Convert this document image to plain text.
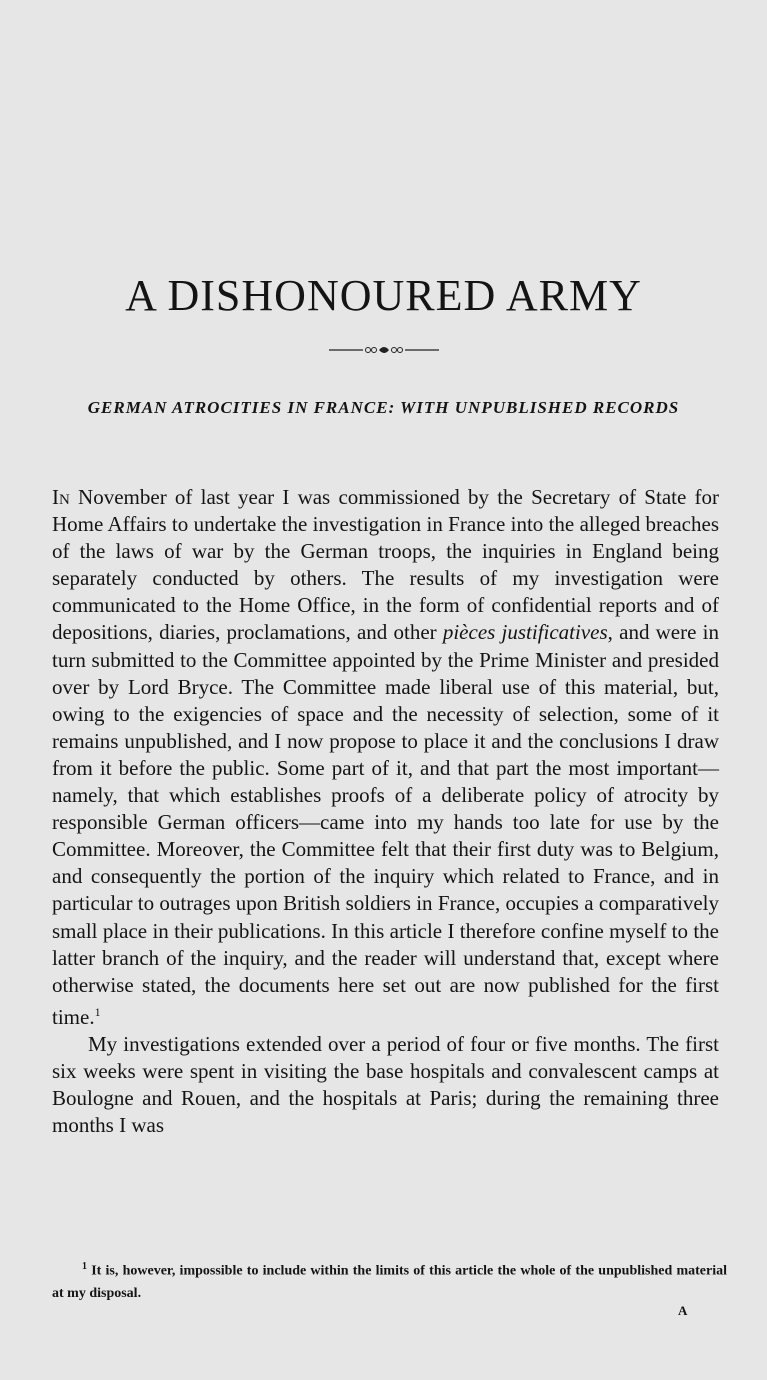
A DISHONOURED ARMY
GERMAN ATROCITIES IN FRANCE: WITH UNPUBLISHED RECORDS

In November of last year I was commissioned by the Secretary of State for Home Affairs to undertake the investigation in France into the alleged breaches of the laws of war by the German troops, the inquiries in England being separately conducted by others. The results of my investigation were communicated to the Home Office, in the form of confidential reports and of depositions, diaries, proclamations, and other pièces justificatives, and were in turn submitted to the Committee appointed by the Prime Minister and presided over by Lord Bryce. The Committee made liberal use of this material, but, owing to the exigencies of space and the necessity of selection, some of it remains unpublished, and I now propose to place it and the conclusions I draw from it before the public. Some part of it, and that part the most important—namely, that which establishes proofs of a deliberate policy of atrocity by responsible German officers—came into my hands too late for use by the Committee. Moreover, the Committee felt that their first duty was to Belgium, and consequently the portion of the inquiry which related to France, and in particular to outrages upon British soldiers in France, occupies a comparatively small place in their publications. In this article I therefore confine myself to the latter branch of the inquiry, and the reader will understand that, except where otherwise stated, the documents here set out are now published for the first time.$^1$

My investigations extended over a period of four or five months. The first six weeks were spent in visiting the base hospitals and convalescent camps at Boulogne and Rouen, and the hospitals at Paris; during the remaining three months I was

$^1$ It is, however, impossible to include within the limits of this article the whole of the unpublished material at my disposal.
A
